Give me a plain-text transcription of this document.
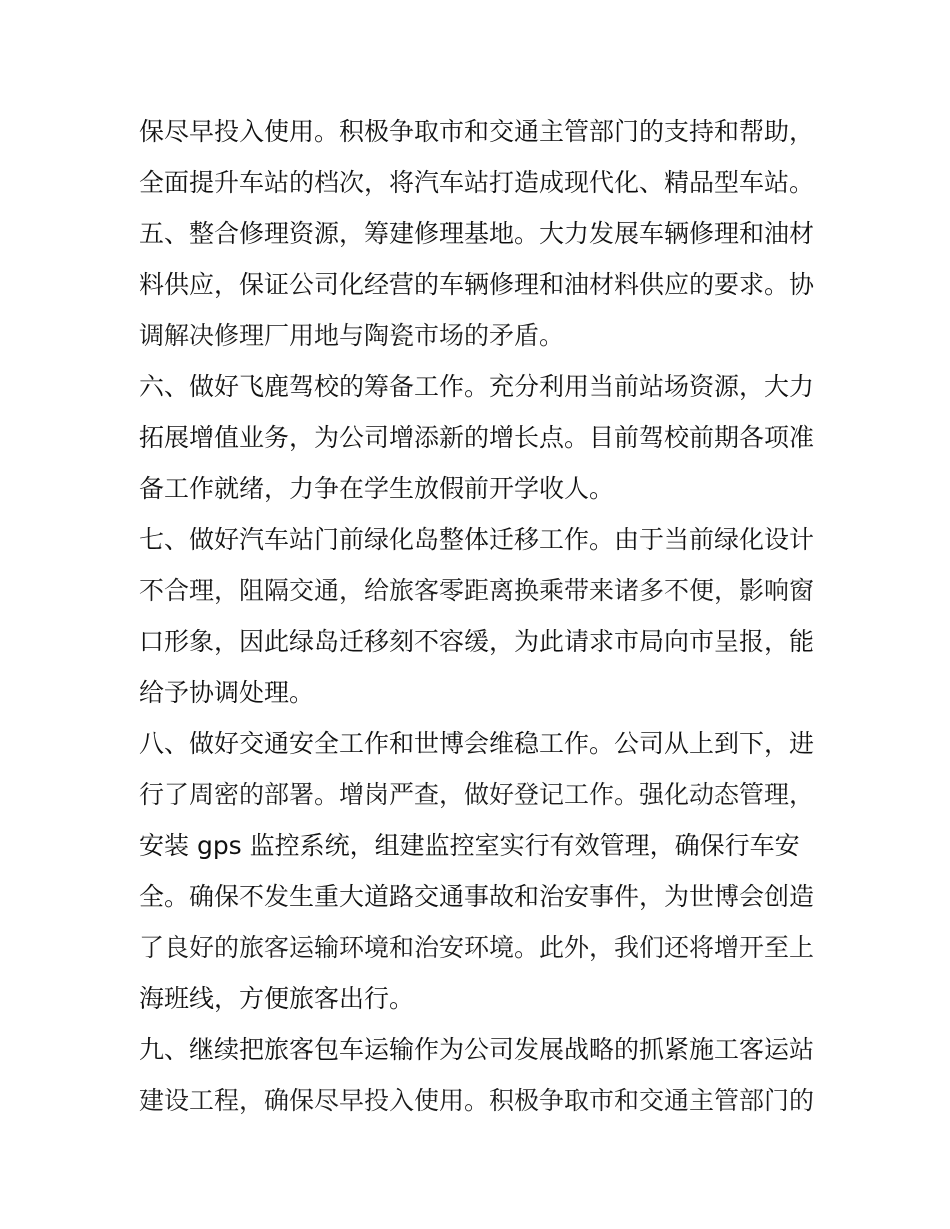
保尽早投入使用。积极争取市和交通主管部门的支持和帮助，
全面提升车站的档次，将汽车站打造成现代化、精品型车站。
五、整合修理资源，筹建修理基地。大力发展车辆修理和油材
料供应，保证公司化经营的车辆修理和油材料供应的要求。协
调解决修理厂用地与陶瓷市场的矛盾。
六、做好飞鹿驾校的筹备工作。充分利用当前站场资源，大力
拓展增值业务，为公司增添新的增长点。目前驾校前期各项准
备工作就绪，力争在学生放假前开学收人。
七、做好汽车站门前绿化岛整体迁移工作。由于当前绿化设计
不合理，阻隔交通，给旅客零距离换乘带来诸多不便，影响窗
口形象，因此绿岛迁移刻不容缓，为此请求市局向市呈报，能
给予协调处理。
八、做好交通安全工作和世博会维稳工作。公司从上到下，进
行了周密的部署。增岗严查，做好登记工作。强化动态管理，
安装 gps 监控系统，组建监控室实行有效管理，确保行车安
全。确保不发生重大道路交通事故和治安事件，为世博会创造
了良好的旅客运输环境和治安环境。此外，我们还将增开至上
海班线，方便旅客出行。
九、继续把旅客包车运输作为公司发展战略的抓紧施工客运站
建设工程，确保尽早投入使用。积极争取市和交通主管部门的
